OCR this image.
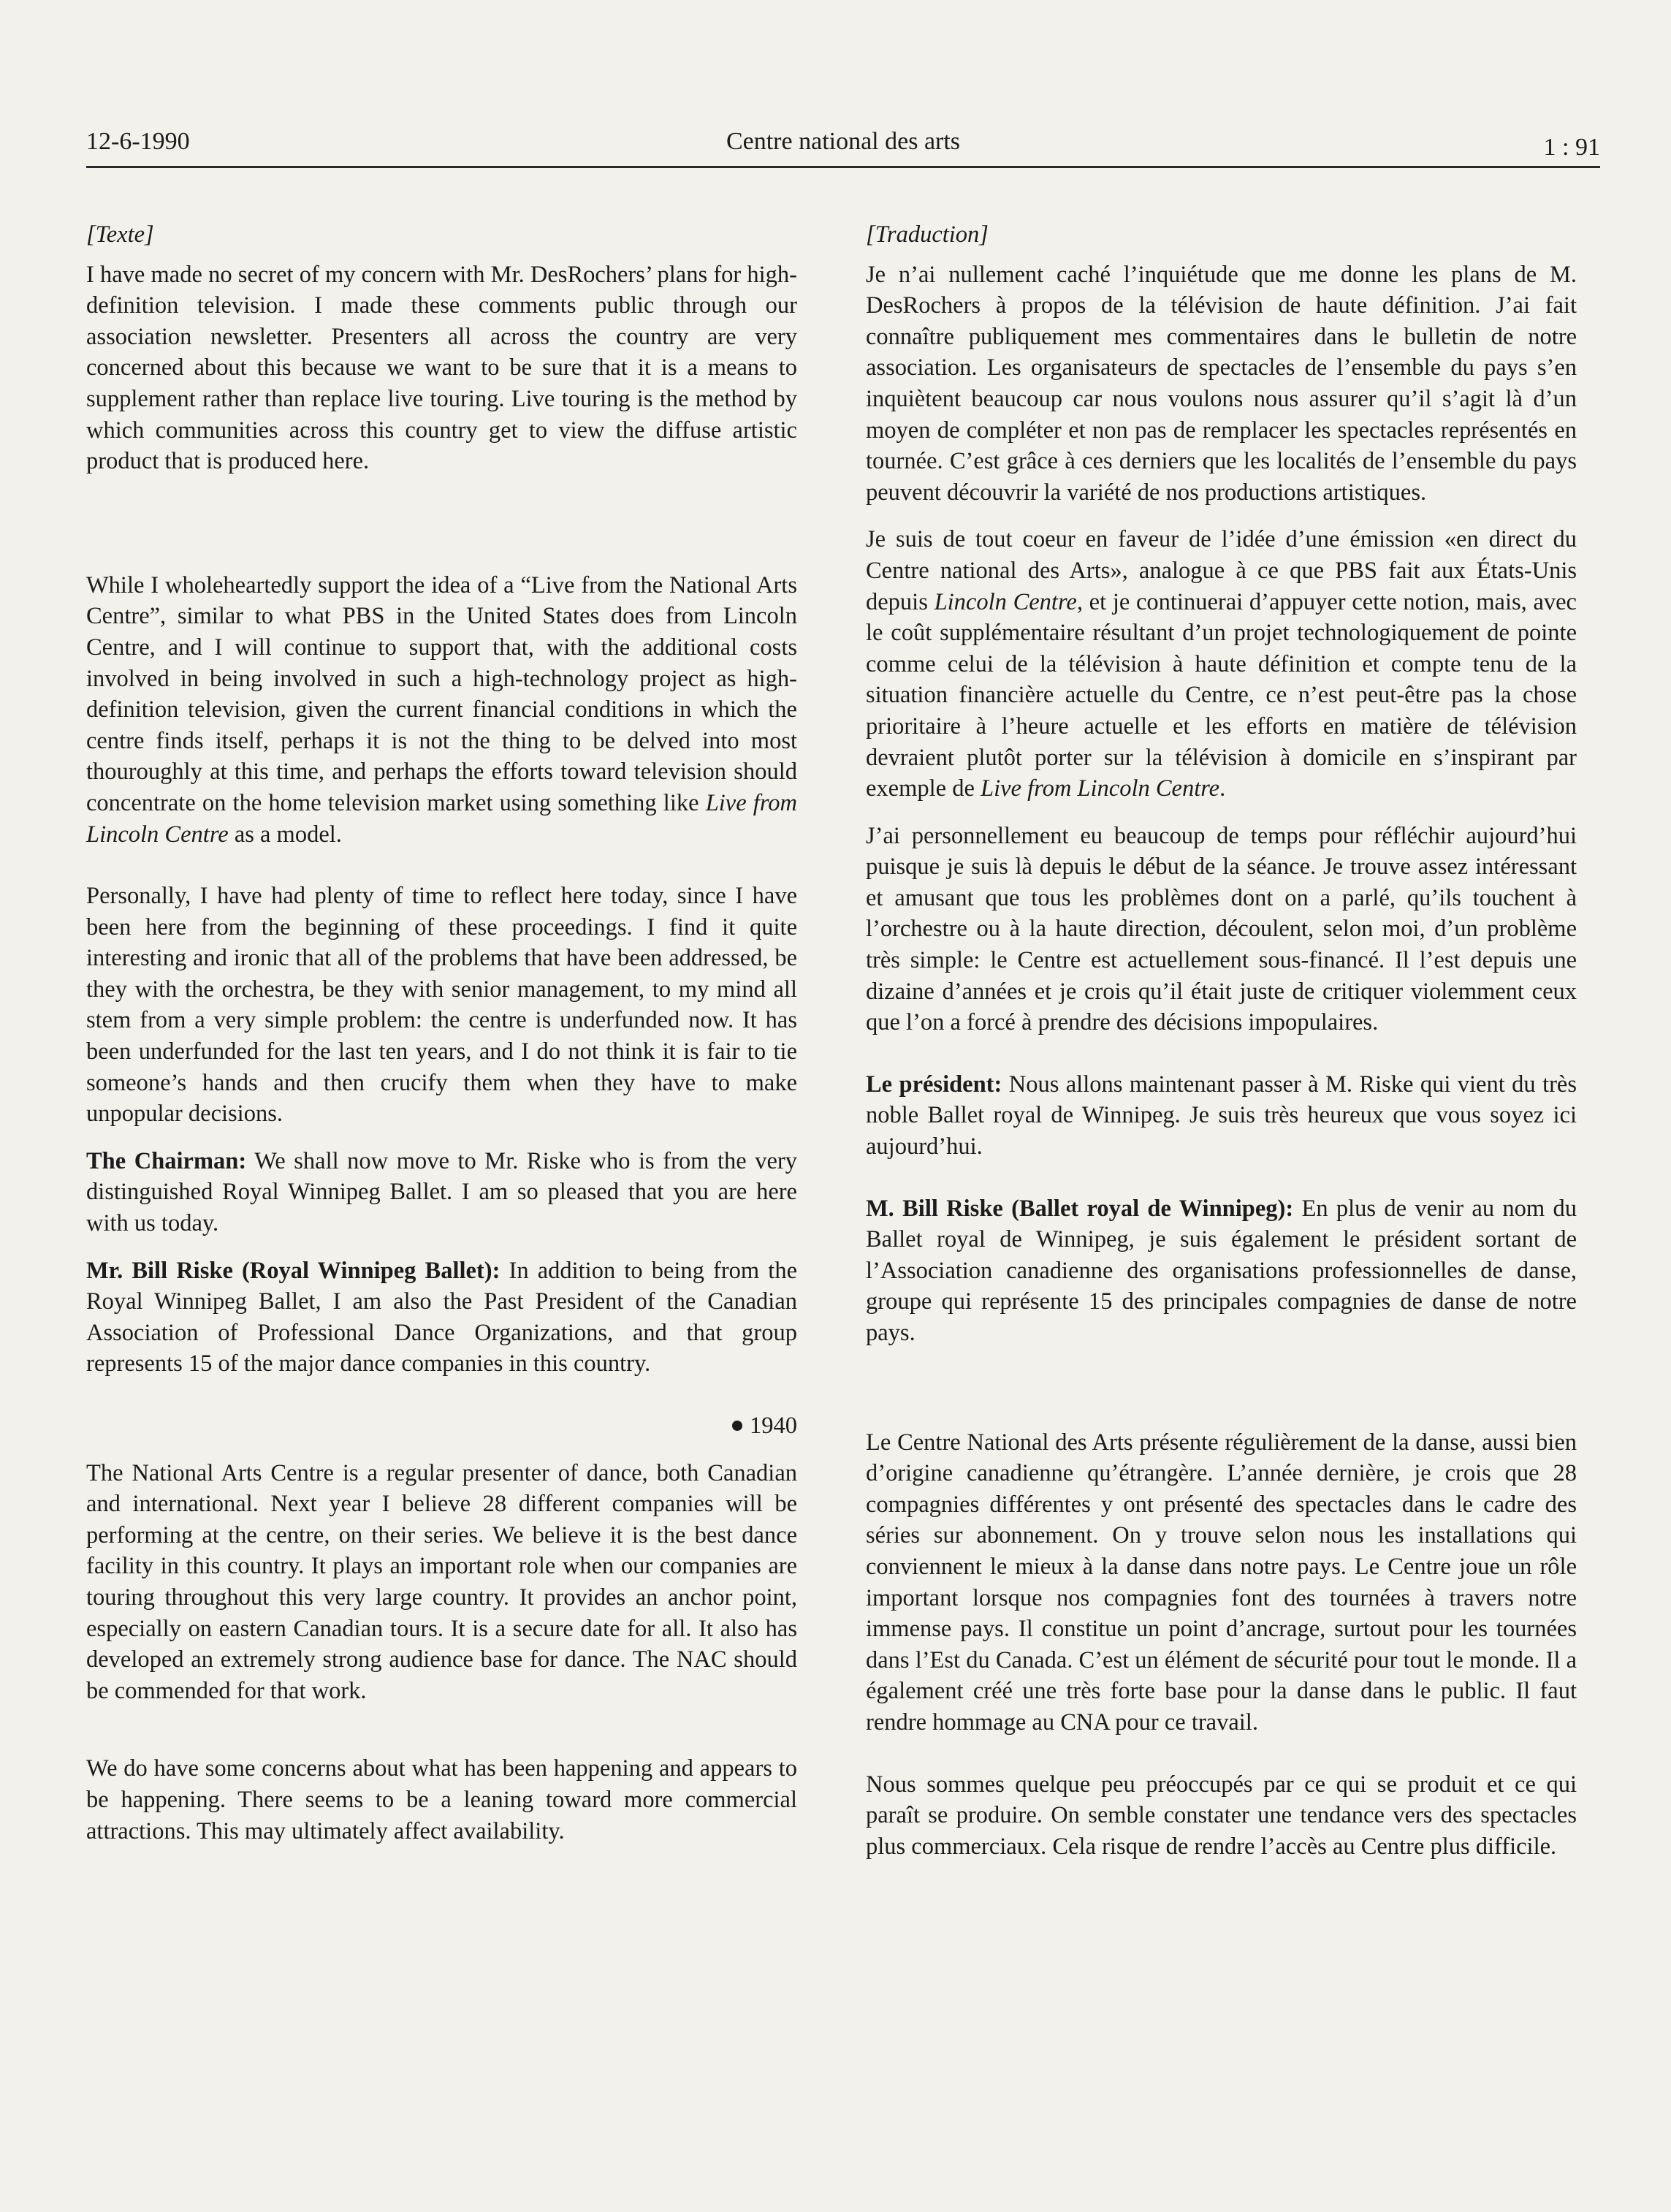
12-6-1990	Centre national des arts	1 : 91

[Texte]

I have made no secret of my concern with Mr. DesRochers’ plans for high-definition television. I made these comments public through our association newsletter. Presenters all across the country are very concerned about this because we want to be sure that it is a means to supplement rather than replace live touring. Live touring is the method by which communities across this country get to view the diffuse artistic product that is produced here.

While I wholeheartedly support the idea of a “Live from the National Arts Centre”, similar to what PBS in the United States does from Lincoln Centre, and I will continue to support that, with the additional costs involved in being involved in such a high-technology project as high-definition television, given the current financial conditions in which the centre finds itself, perhaps it is not the thing to be delved into most thouroughly at this time, and perhaps the efforts toward television should concentrate on the home television market using something like Live from Lincoln Centre as a model.

Personally, I have had plenty of time to reflect here today, since I have been here from the beginning of these proceedings. I find it quite interesting and ironic that all of the problems that have been addressed, be they with the orchestra, be they with senior management, to my mind all stem from a very simple problem: the centre is underfunded now. It has been underfunded for the last ten years, and I do not think it is fair to tie someone’s hands and then crucify them when they have to make unpopular decisions.

The Chairman: We shall now move to Mr. Riske who is from the very distinguished Royal Winnipeg Ballet. I am so pleased that you are here with us today.

Mr. Bill Riske (Royal Winnipeg Ballet): In addition to being from the Royal Winnipeg Ballet, I am also the Past President of the Canadian Association of Professional Dance Organizations, and that group represents 15 of the major dance companies in this country.

1940

The National Arts Centre is a regular presenter of dance, both Canadian and international. Next year I believe 28 different companies will be performing at the centre, on their series. We believe it is the best dance facility in this country. It plays an important role when our companies are touring throughout this very large country. It provides an anchor point, especially on eastern Canadian tours. It is a secure date for all. It also has developed an extremely strong audience base for dance. The NAC should be commended for that work.

We do have some concerns about what has been happening and appears to be happening. There seems to be a leaning toward more commercial attractions. This may ultimately affect availability.

[Traduction]

Je n’ai nullement caché l’inquiétude que me donne les plans de M. DesRochers à propos de la télévision de haute définition. J’ai fait connaître publiquement mes commentaires dans le bulletin de notre association. Les organisateurs de spectacles de l’ensemble du pays s’en inquiètent beaucoup car nous voulons nous assurer qu’il s’agit là d’un moyen de compléter et non pas de remplacer les spectacles représentés en tournée. C’est grâce à ces derniers que les localités de l’ensemble du pays peuvent découvrir la variété de nos productions artistiques.

Je suis de tout coeur en faveur de l’idée d’une émission «en direct du Centre national des Arts», analogue à ce que PBS fait aux États-Unis depuis Lincoln Centre, et je continuerai d’appuyer cette notion, mais, avec le coût supplémentaire résultant d’un projet technologiquement de pointe comme celui de la télévision à haute définition et compte tenu de la situation financière actuelle du Centre, ce n’est peut-être pas la chose prioritaire à l’heure actuelle et les efforts en matière de télévision devraient plutôt porter sur la télévision à domicile en s’inspirant par exemple de Live from Lincoln Centre.

J’ai personnellement eu beaucoup de temps pour réfléchir aujourd’hui puisque je suis là depuis le début de la séance. Je trouve assez intéressant et amusant que tous les problèmes dont on a parlé, qu’ils touchent à l’orchestre ou à la haute direction, découlent, selon moi, d’un problème très simple: le Centre est actuellement sous-financé. Il l’est depuis une dizaine d’années et je crois qu’il était juste de critiquer violemment ceux que l’on a forcé à prendre des décisions impopulaires.

Le président: Nous allons maintenant passer à M. Riske qui vient du très noble Ballet royal de Winnipeg. Je suis très heureux que vous soyez ici aujourd’hui.

M. Bill Riske (Ballet royal de Winnipeg): En plus de venir au nom du Ballet royal de Winnipeg, je suis également le président sortant de l’Association canadienne des organisations professionnelles de danse, groupe qui représente 15 des principales compagnies de danse de notre pays.

Le Centre National des Arts présente régulièrement de la danse, aussi bien d’origine canadienne qu’étrangère. L’année dernière, je crois que 28 compagnies différentes y ont présenté des spectacles dans le cadre des séries sur abonnement. On y trouve selon nous les installations qui conviennent le mieux à la danse dans notre pays. Le Centre joue un rôle important lorsque nos compagnies font des tournées à travers notre immense pays. Il constitue un point d’ancrage, surtout pour les tournées dans l’Est du Canada. C’est un élément de sécurité pour tout le monde. Il a également créé une très forte base pour la danse dans le public. Il faut rendre hommage au CNA pour ce travail.

Nous sommes quelque peu préoccupés par ce qui se produit et ce qui paraît se produire. On semble constater une tendance vers des spectacles plus commerciaux. Cela risque de rendre l’accès au Centre plus difficile.
